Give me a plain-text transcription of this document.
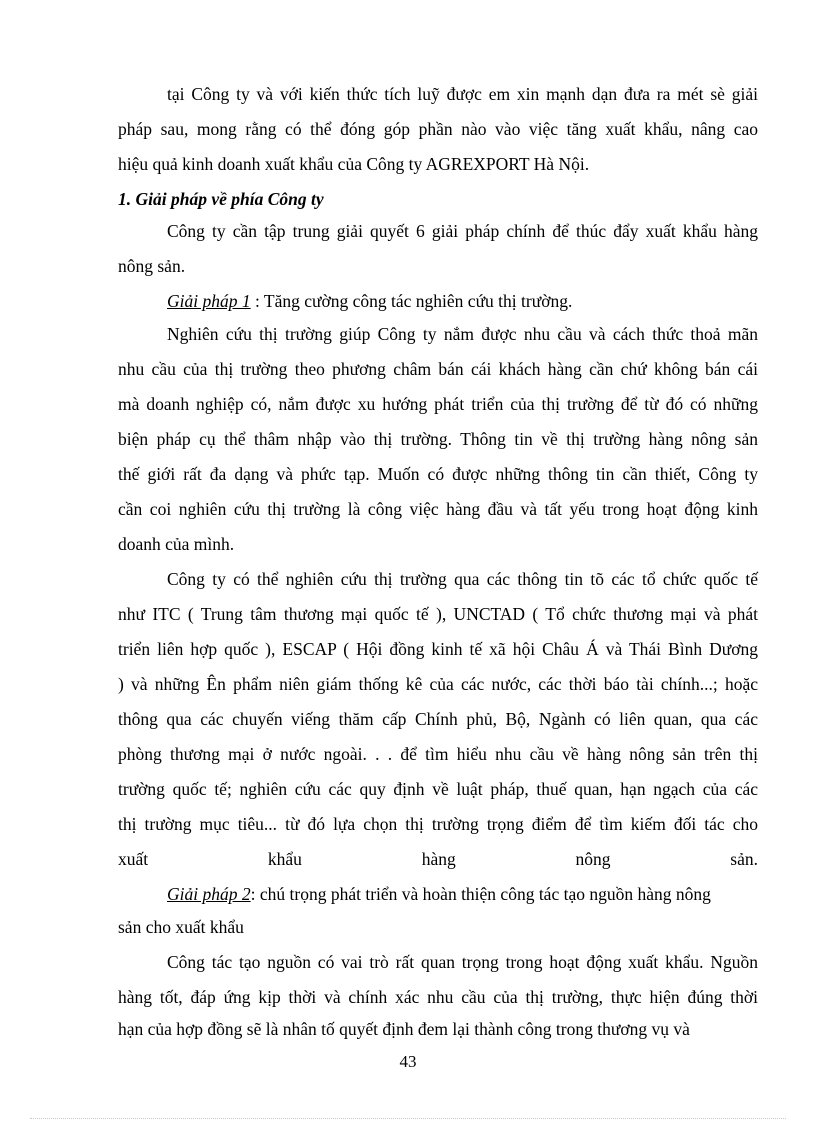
tại Công ty và với kiến thức tích luỹ được em xin mạnh dạn đưa ra mét sè giải
pháp sau, mong rằng có thể đóng góp phần nào vào việc tăng xuất khẩu, nâng cao
hiệu quả kinh doanh xuất khẩu của Công ty AGREXPORT Hà Nội.
1. Giải pháp về phía Công ty
Công ty cần tập trung giải quyết 6 giải pháp chính để thúc đẩy xuất khẩu hàng
nông sản.
Giải pháp 1 : Tăng cường công tác nghiên cứu thị trường.
Nghiên cứu thị trường giúp Công ty nắm được nhu cầu và cách thức thoả mãn
nhu cầu của thị trường theo phương châm bán cái khách hàng cần chứ không bán cái
mà doanh nghiệp có, nắm được xu hướng phát triển của thị trường để từ đó có những
biện pháp cụ thể thâm nhập vào thị trường. Thông tin về thị trường hàng nông sản
thế giới rất đa dạng và phức tạp. Muốn có được những thông tin cần thiết, Công ty
cần coi nghiên cứu thị trường là công việc hàng đầu và tất yếu trong hoạt động kinh
doanh của mình.
Công ty có thể nghiên cứu thị trường qua các thông tin tõ các tổ chức quốc tế
như ITC ( Trung tâm thương mại quốc tế ), UNCTAD ( Tổ chức thương mại và phát
triển liên hợp quốc ), ESCAP ( Hội đồng kinh tế xã hội Châu Á và Thái Bình Dương
) và những Ên phẩm niên giám thống kê của các nước, các thời báo tài chính...; hoặc
thông qua các chuyến viếng thăm cấp Chính phủ, Bộ, Ngành có liên quan, qua các
phòng thương mại ở nước ngoài. . . để tìm hiểu nhu cầu về hàng nông sản trên thị
trường quốc tế; nghiên cứu các quy định về luật pháp, thuế quan, hạn ngạch của các
thị trường mục tiêu... từ đó lựa chọn thị trường trọng điểm để tìm kiếm đối tác cho
xuất khẩu hàng nông sản.
Giải pháp 2: chú trọng phát triển và hoàn thiện công tác tạo nguồn hàng nông
sản cho xuất khẩu
Công tác tạo nguồn có vai trò rất quan trọng trong hoạt động xuất khẩu. Nguồn
hàng tốt, đáp ứng kịp thời và chính xác nhu cầu của thị trường, thực hiện đúng thời
hạn của hợp đồng sẽ là nhân tố quyết định đem lại thành công trong thương vụ và
43
